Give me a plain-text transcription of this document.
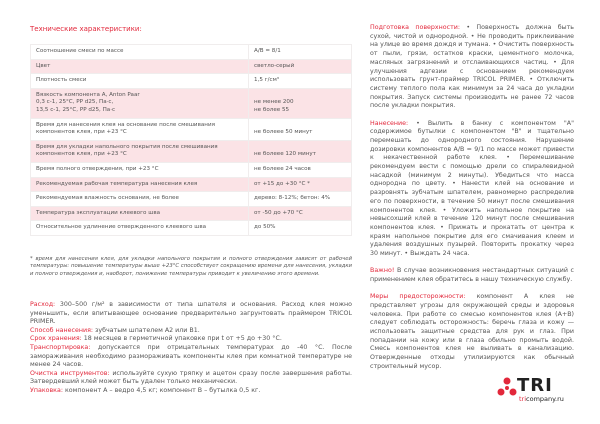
Технические характеристики:
Соотношение смеси по массе	A/B = 8/1
Цвет	светло-серый
Плотность смеси	1,5 г/см³
Вязкость компонента А, Anton Paar
0,3 с-1, 25°С, PP d25, Па·с,
13,5 с-1, 25°С, PP d25, Па·с	не менее 200
не более 55
Время для нанесения клея на основание после смешивания компонентов клея, при +23 °С	не болеее 50 минут
Время для укладки напольного покрытия после смешивания компонентов клея, при +23 °С	не болеее 120 минут
Время полного отверждения, при +23 °С	не болеее 24 часов
Рекомендуемая рабочая температура нанесения клея	от +15 до +30 °С *
Рекомендуемая влажность основания, не более	дерево: 8-12%; бетон: 4%
Температура эксплуатации клеевого шва	от -50 до +70 °С
Относительное удлинение отвержденного клеевого шва	до 50%
* время для нанесения клея, для укладки напольного покрытия и полного отверждения зависят от рабочей температуры: повышение температуры выше +23°С способствует сокращению времени для нанесения, укладки и полного отверждения и, наоборот, понижение температуры приводит к увеличению этого времени.
Расход: 300–500 г/м² в зависимости от типа шпателя и основания. Расход клея можно уменьшить, если впитывающее основание предварительно загрунтовать праймером TRICOL PRIMER.
Способ нанесения: зубчатым шпателем А2 или В1.
Срок хранения: 18 месяцев в герметичной упаковке при t от +5 до +30 °С.
Транспортировка: допускается при отрицательных температурах до -40 °С. После замораживания необходимо размораживать компоненты клея при комнатной температуре не менее 24 часов.
Очистка инструментов: используйте сухую тряпку и ацетон сразу после завершения работы. Затвердевший клей может быть удален только механически.
Упаковка: компонент А – ведро 4,5 кг; компонент В – бутылка 0,5 кг.

Подготовка поверхности: • Поверхность должна быть сухой, чистой и однородной. • Не проводить приклеивание на улице во время дождя и тумана. • Очистить поверхность от пыли, грязи, остатков краски, цементного молочка, масляных загрязнений и отслаивающихся частиц. • Для улучшения адгезии с основанием рекомендуем использовать грунт-праймер TRICOL PRIMER. • Отключить систему теплого пола как минимум за 24 часа до укладки покрытия. Запуск системы производить не ранее 72 часов после укладки покрытия.

Нанесение: • Вылить в банку с компонентом "А" содержимое бутылки с компонентом "В" и тщательно перемешать до однородного состояния. Нарушение дозировки компонентов А/В = 9/1 по массе может привести к некачественной работе клея. • Перемешивание рекомендуем вести с помощью дрели со спиралевидной насадкой (минимум 2 минуты). Убедиться что масса однородна по цвету. • Нанести клей на основание и разровнять зубчатым шпателем, равномерно распределив его по поверхности, в течение 50 минут после смешивания компонентов клея. • Уложить напольное покрытие на невысохший клей в течение 120 минут после смешивания компонентов клея. • Прижать и прокатать от центра к краям напольное покрытие для его смачивания клеем и удаления воздушных пузырей. Повторить прокатку через 30 минут. • Выждать 24 часа.

Важно! В случае возникновения нестандартных ситуаций с применением клея обратитесь в нашу техническую службу.

Меры предосторожности: компонент А клея не представляет угрозы для окружающей среды и здоровья человека. При работе со смесью компонентов клея (А+В) следует соблюдать осторожность: беречь глаза и кожу — использовать защитные средства для рук и глаз. При попадании на кожу или в глаза обильно промыть водой. Смесь компонентов клея не выливать в канализацию. Отвержденные отходы утилизируются как обычный строительный мусор.

TRI
tricompany.ru
